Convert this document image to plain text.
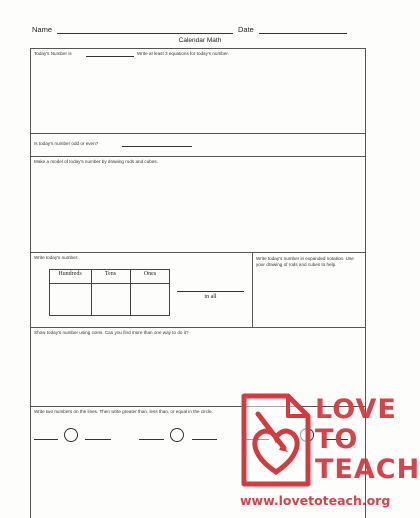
Name	Date
Calendar Math
Today's Number is	Write at least 3 equations for today's number.
Is today's number odd or even?
Make a model of today's number by drawing rods and cubes.
Write today's number:
Hundreds	Tens	Ones
in all
Write today's number in expanded notation. Use your drawing of rods and cubes to help.
Show today's number using coins. Can you find more than one way to do it?
Write two numbers on the lines. Then write greater than, less than, or equal in the circle.	LOVE
TO
TEACH
www.lovetoteach.org
